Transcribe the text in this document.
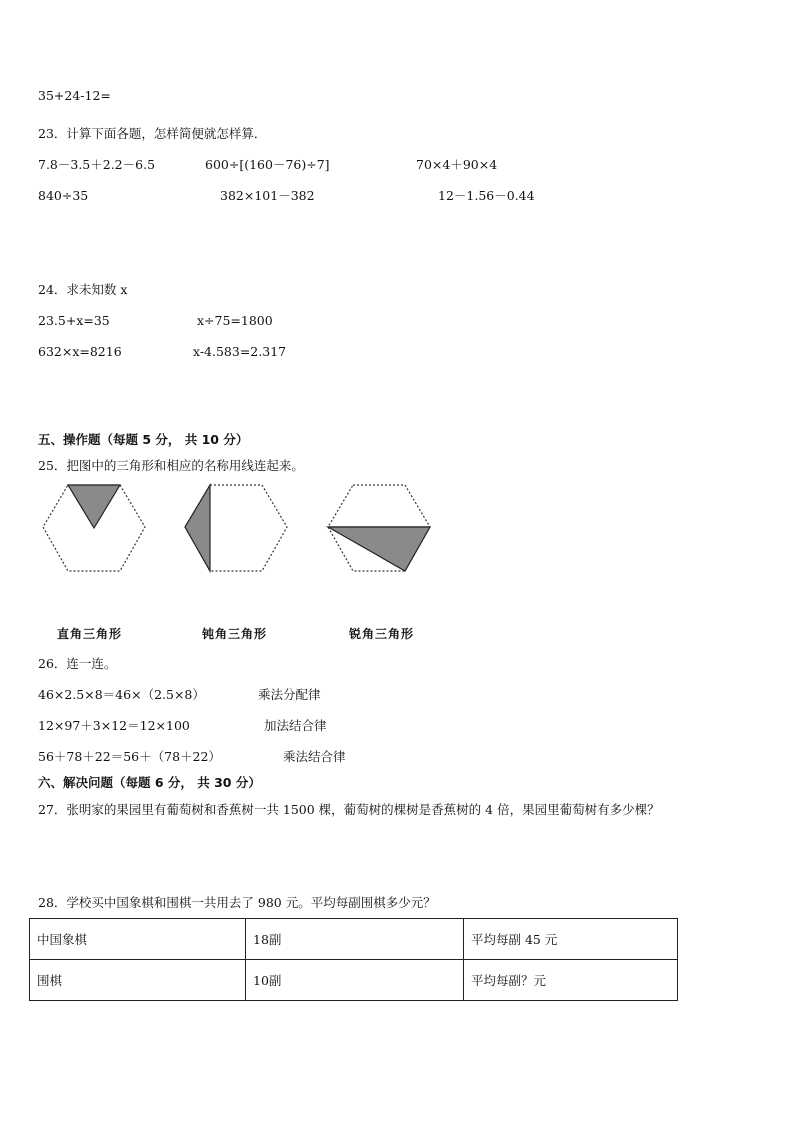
35+24-12=
23．计算下面各题，怎样简便就怎样算．
7.8－3.5＋2.2－6.5	600÷[(160－76)÷7]	70×4＋90×4
840÷35	382×101－382	12－1.56－0.44
24．求未知数 x
23.5+x=35	x÷75=1800
632×x=8216	x-4.583=2.317
五、操作题（每题 5 分， 共 10 分）
25．把图中的三角形和相应的名称用线连起来。
直角三角形	钝角三角形	锐角三角形
26．连一连。
46×2.5×8＝46×（2.5×8）	乘法分配律
12×97＋3×12＝12×100	加法结合律
56＋78＋22＝56＋（78＋22）	乘法结合律
六、解决问题（每题 6 分， 共 30 分）
27．张明家的果园里有葡萄树和香蕉树一共 1500 棵，葡萄树的棵树是香蕉树的 4 倍，果园里葡萄树有多少棵？
28．学校买中国象棋和围棋一共用去了 980 元。平均每副围棋多少元？
中国象棋	18副	平均每副 45 元
围棋	10副	平均每副？元
